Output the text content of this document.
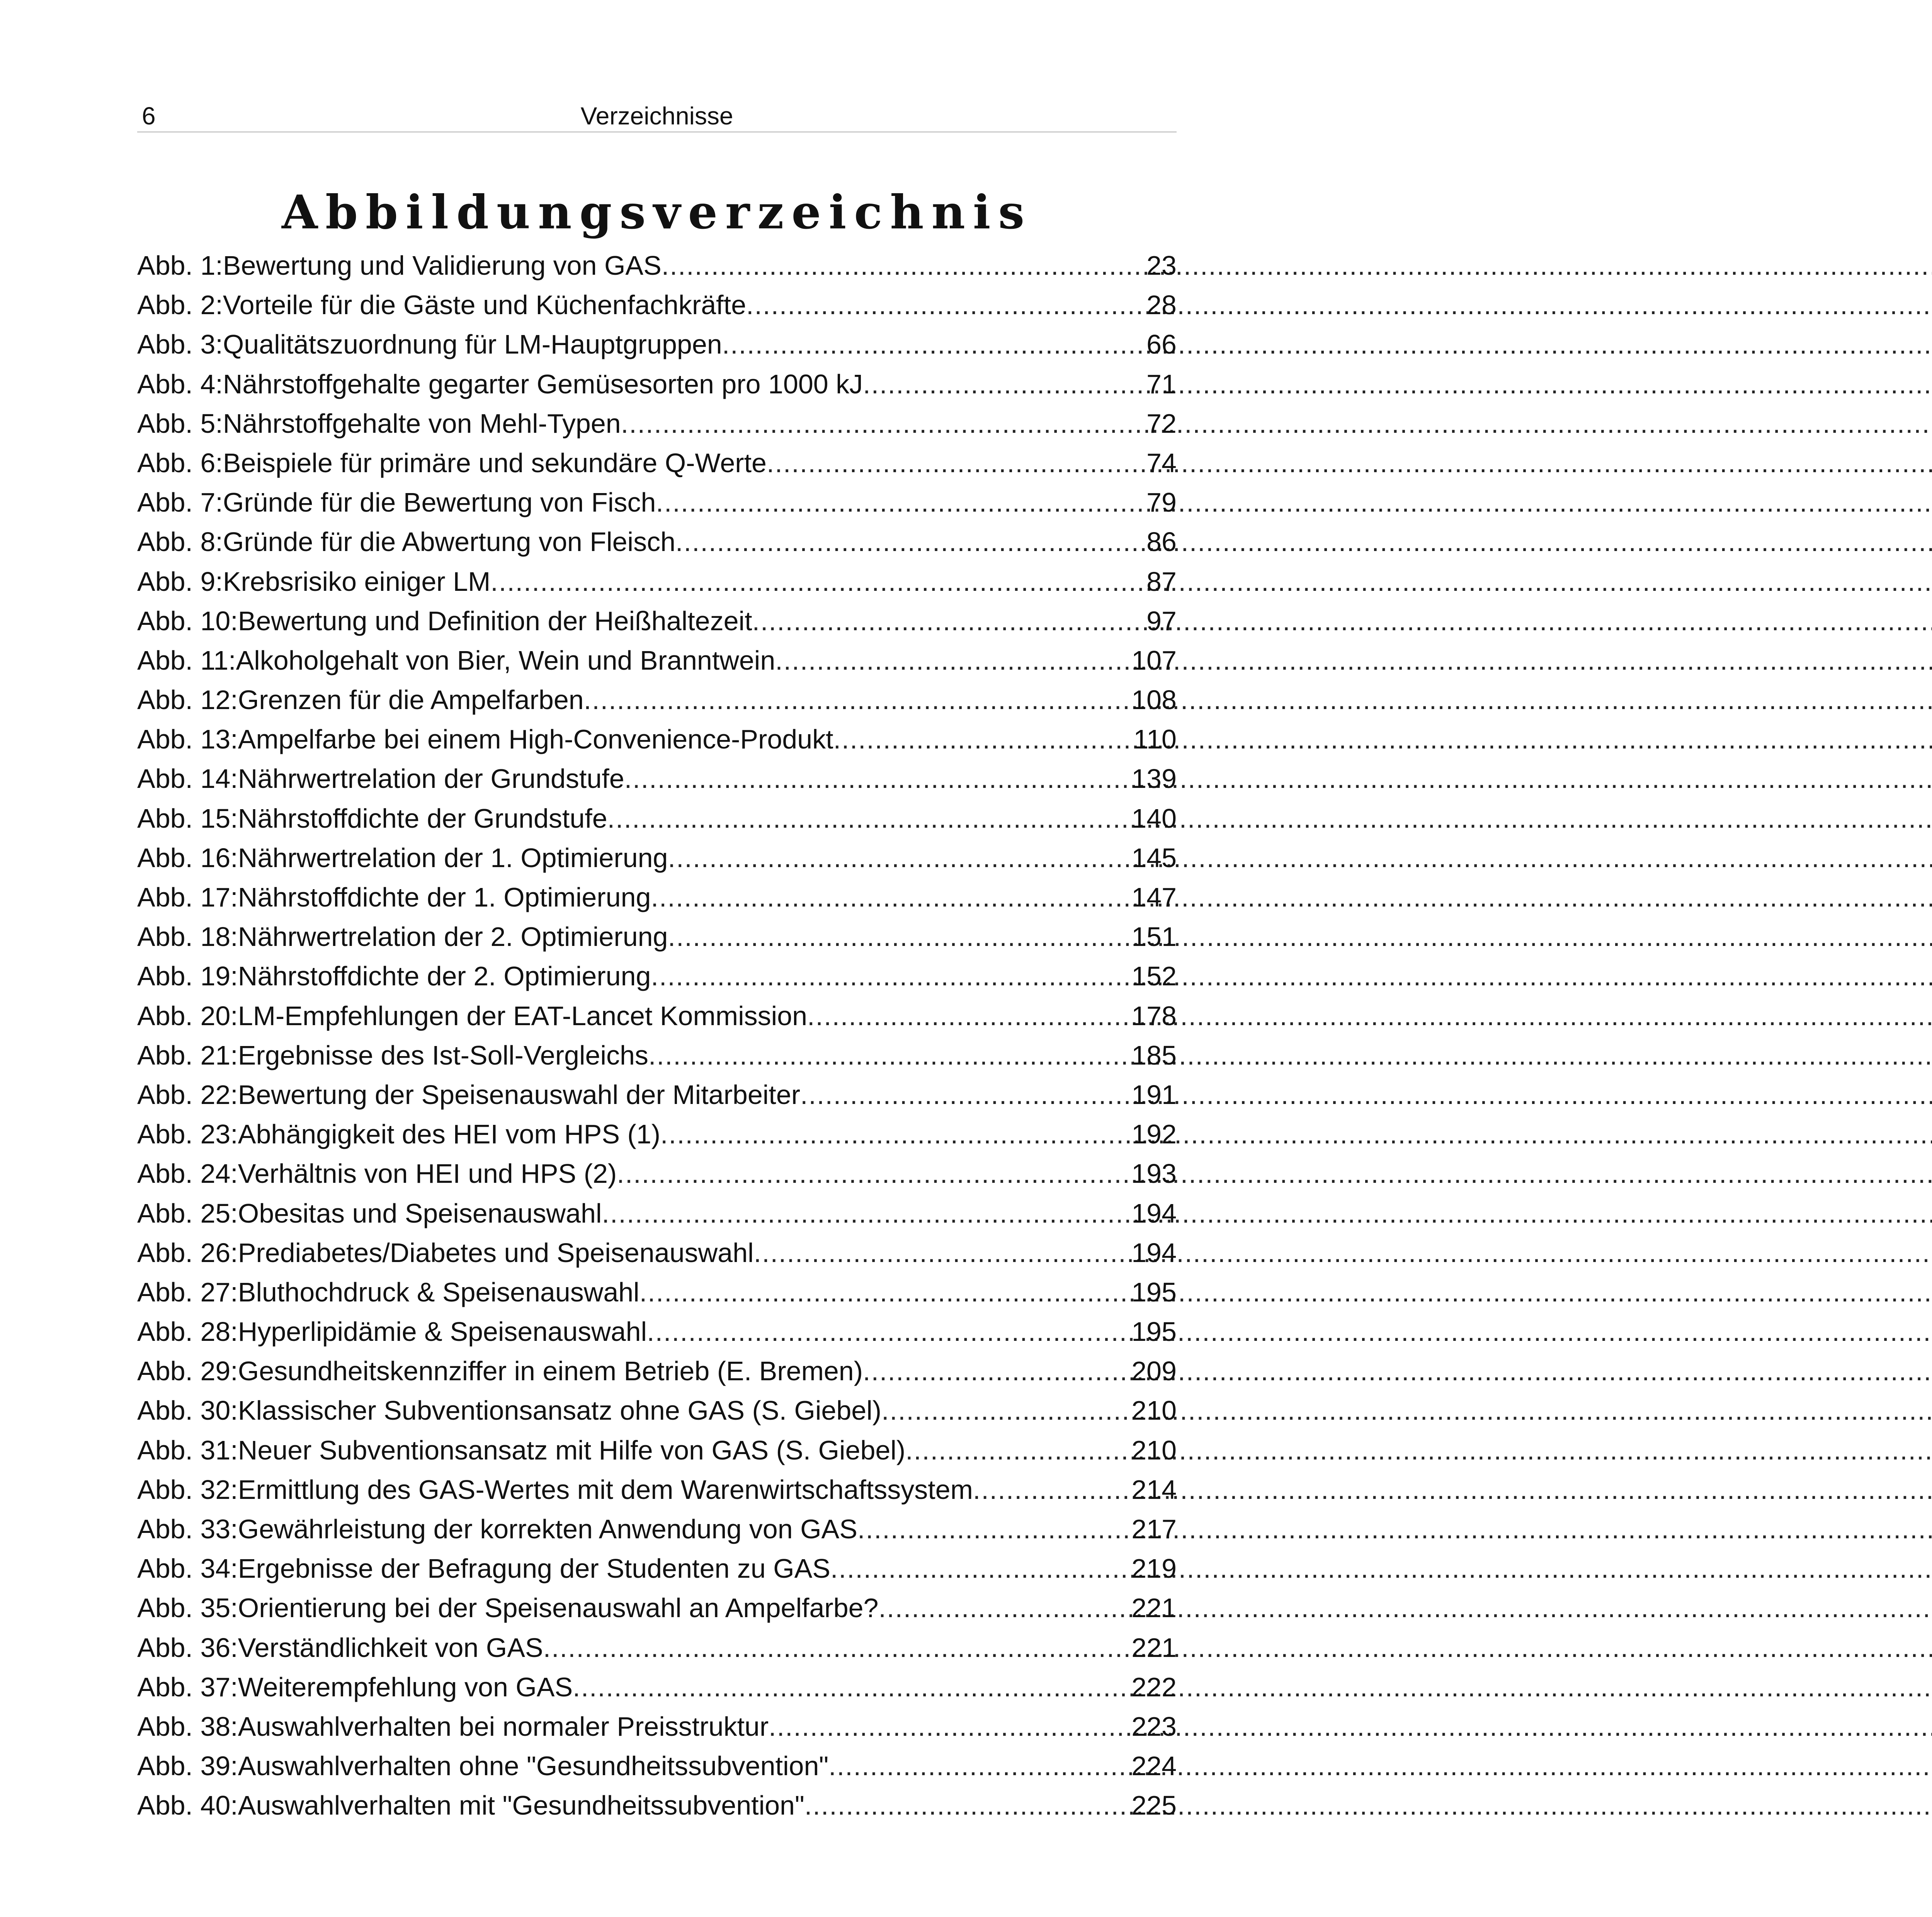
6	Verzeichnisse
Abbildungsverzeichnis
Abb. 1: Bewertung und Validierung von GAS .....	23
Abb. 2: Vorteile für die Gäste und Küchenfachkräfte .....	28
Abb. 3: Qualitätszuordnung für LM-Hauptgruppen .....	66
Abb. 4: Nährstoffgehalte gegarter Gemüsesorten pro 1000 kJ .....	71
Abb. 5: Nährstoffgehalte von Mehl-Typen .....	72
Abb. 6: Beispiele für primäre und sekundäre Q-Werte .....	74
Abb. 7: Gründe für die Bewertung von Fisch .....	79
Abb. 8: Gründe für die Abwertung von Fleisch .....	86
Abb. 9: Krebsrisiko einiger LM .....	87
Abb. 10: Bewertung und Definition der Heißhaltezeit .....	97
Abb. 11: Alkoholgehalt von Bier, Wein und Branntwein .....	107
Abb. 12: Grenzen für die Ampelfarben .....	108
Abb. 13: Ampelfarbe bei einem High-Convenience-Produkt .....	110
Abb. 14: Nährwertrelation der Grundstufe .....	139
Abb. 15: Nährstoffdichte der Grundstufe .....	140
Abb. 16: Nährwertrelation der 1. Optimierung .....	145
Abb. 17: Nährstoffdichte der 1. Optimierung .....	147
Abb. 18: Nährwertrelation der 2. Optimierung .....	151
Abb. 19: Nährstoffdichte der 2. Optimierung .....	152
Abb. 20: LM-Empfehlungen der EAT-Lancet Kommission .....	178
Abb. 21: Ergebnisse des Ist-Soll-Vergleichs .....	185
Abb. 22: Bewertung der Speisenauswahl der Mitarbeiter .....	191
Abb. 23: Abhängigkeit des HEI vom HPS (1) .....	192
Abb. 24: Verhältnis von HEI und HPS (2) .....	193
Abb. 25: Obesitas und Speisenauswahl .....	194
Abb. 26: Prediabetes/Diabetes und Speisenauswahl .....	194
Abb. 27: Bluthochdruck & Speisenauswahl .....	195
Abb. 28: Hyperlipidämie & Speisenauswahl .....	195
Abb. 29: Gesundheitskennziffer in einem Betrieb (E. Bremen) .....	209
Abb. 30: Klassischer Subventionsansatz ohne GAS (S. Giebel) .....	210
Abb. 31: Neuer Subventionsansatz mit Hilfe von GAS (S. Giebel) .....	210
Abb. 32: Ermittlung des GAS-Wertes mit dem Warenwirtschaftssystem .....	214
Abb. 33: Gewährleistung der korrekten Anwendung von GAS .....	217
Abb. 34: Ergebnisse der Befragung der Studenten zu GAS .....	219
Abb. 35: Orientierung bei der Speisenauswahl an Ampelfarbe? .....	221
Abb. 36: Verständlichkeit von GAS .....	221
Abb. 37: Weiterempfehlung von GAS .....	222
Abb. 38: Auswahlverhalten bei normaler Preisstruktur .....	223
Abb. 39: Auswahlverhalten ohne "Gesundheitssubvention" .....	224
Abb. 40: Auswahlverhalten mit "Gesundheitssubvention" .....	225
